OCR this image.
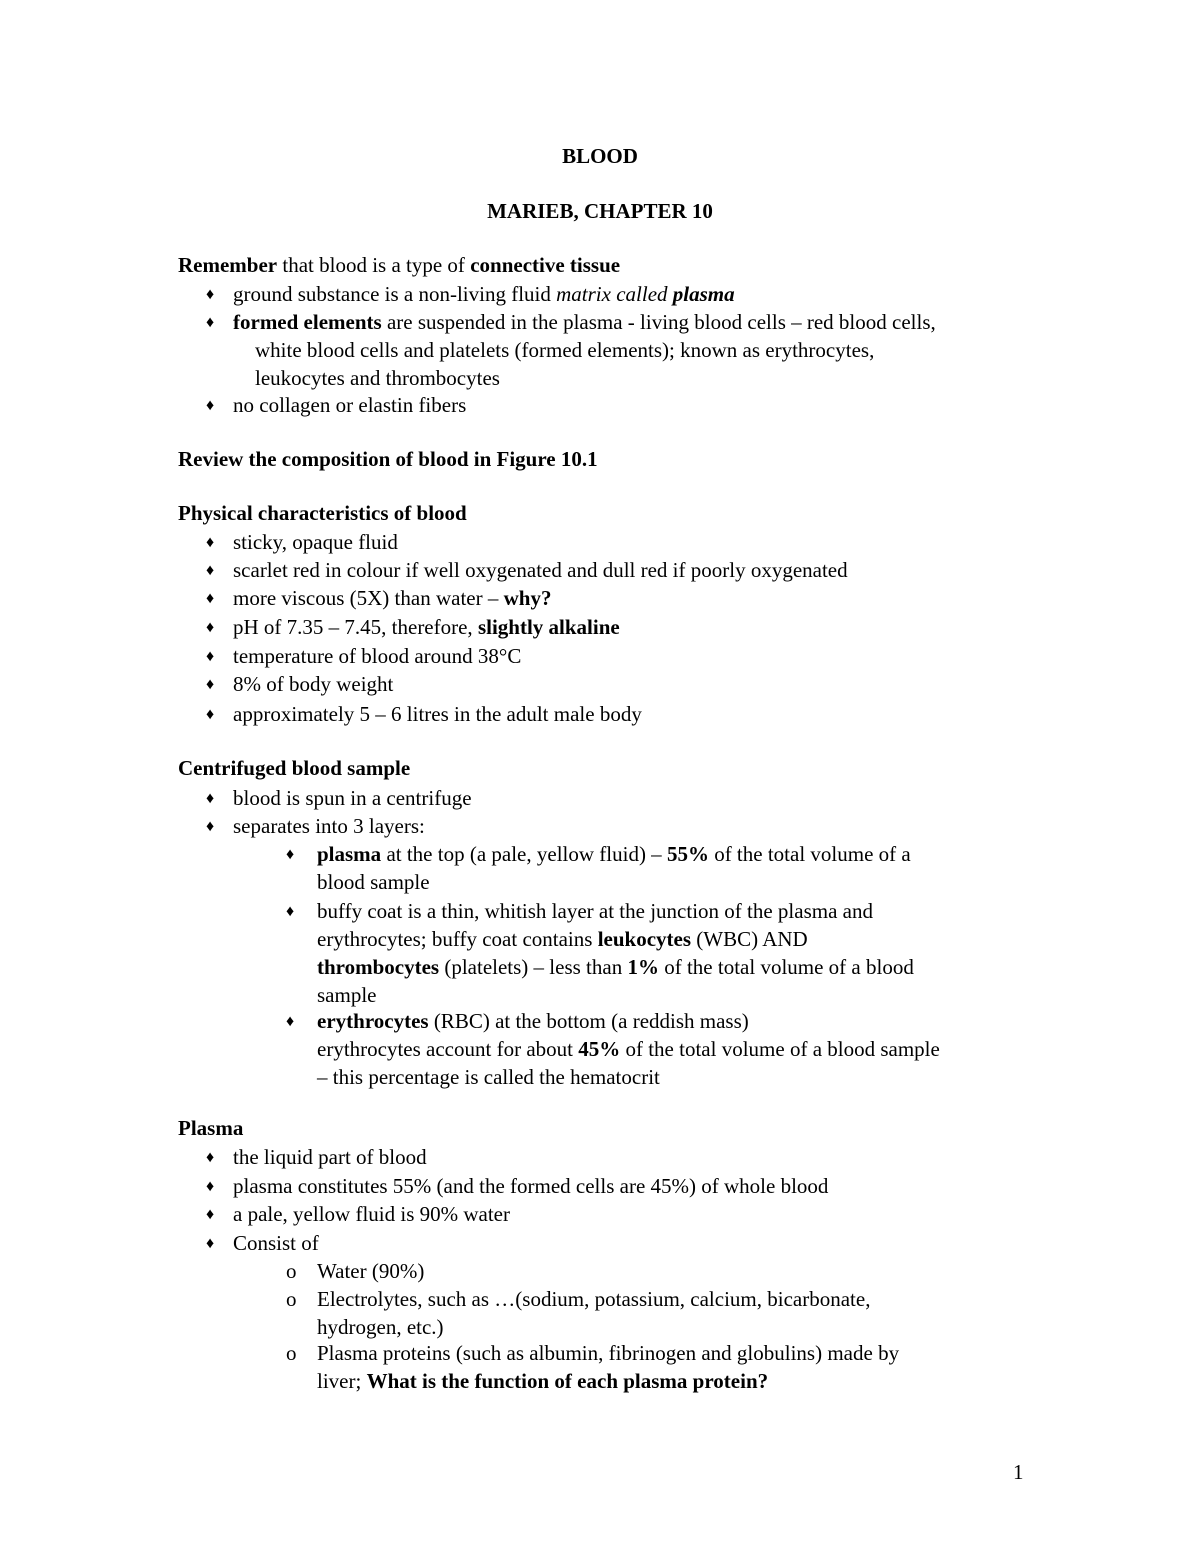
BLOOD
MARIEB, CHAPTER 10
Remember that blood is a type of connective tissue
♦ ground substance is a non-living fluid matrix called plasma
♦ formed elements are suspended in the plasma - living blood cells – red blood cells,
white blood cells and platelets (formed elements); known as erythrocytes,
leukocytes and thrombocytes
♦ no collagen or elastin fibers
Review the composition of blood in Figure 10.1
Physical characteristics of blood
♦ sticky, opaque fluid
♦ scarlet red in colour if well oxygenated and dull red if poorly oxygenated
♦ more viscous (5X) than water – why?
♦ pH of 7.35 – 7.45, therefore, slightly alkaline
♦ temperature of blood around 38°C
♦ 8% of body weight
♦ approximately 5 – 6 litres in the adult male body
Centrifuged blood sample
♦ blood is spun in a centrifuge
♦ separates into 3 layers:
♦ plasma at the top (a pale, yellow fluid) – 55% of the total volume of a
blood sample
♦ buffy coat is a thin, whitish layer at the junction of the plasma and
erythrocytes; buffy coat contains leukocytes (WBC) AND
thrombocytes (platelets) – less than 1% of the total volume of a blood
sample
♦ erythrocytes (RBC) at the bottom (a reddish mass)
erythrocytes account for about 45% of the total volume of a blood sample
– this percentage is called the hematocrit
Plasma
♦ the liquid part of blood
♦ plasma constitutes 55% (and the formed cells are 45%) of whole blood
♦ a pale, yellow fluid is 90% water
♦ Consist of
o Water (90%)
o Electrolytes, such as …(sodium, potassium, calcium, bicarbonate,
hydrogen, etc.)
o Plasma proteins (such as albumin, fibrinogen and globulins) made by
liver; What is the function of each plasma protein?
1
